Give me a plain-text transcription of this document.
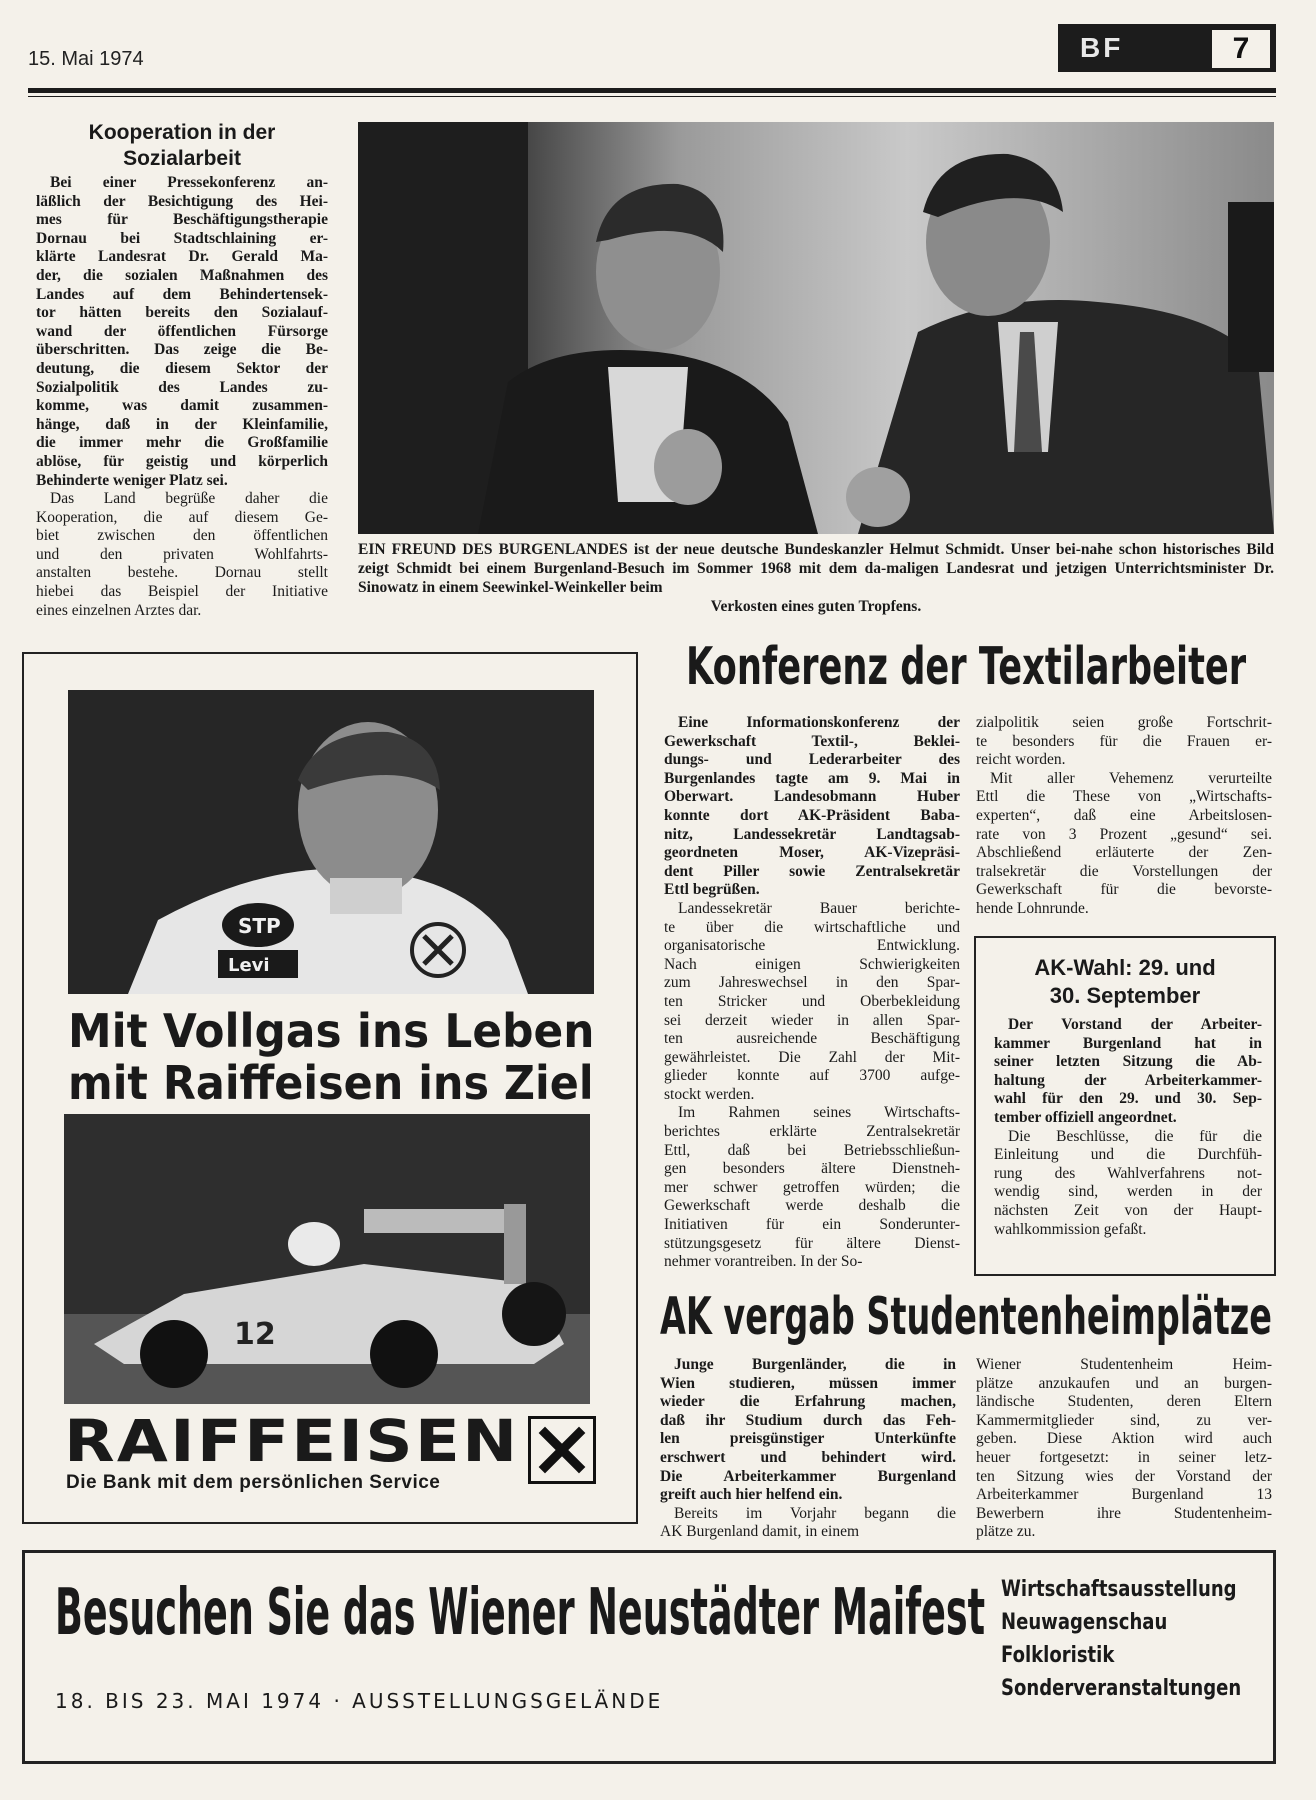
15. Mai 1974	BF	7
Kooperation in der
Sozialarbeit
Bei einer Pressekonferenz an-
läßlich der Besichtigung des Hei-
mes für Beschäftigungstherapie
Dornau bei Stadtschlaining er-
klärte Landesrat Dr. Gerald Ma-
der, die sozialen Maßnahmen des
Landes auf dem Behindertensek-
tor hätten bereits den Sozialauf-
wand der öffentlichen Fürsorge
überschritten. Das zeige die Be-
deutung, die diesem Sektor der
Sozialpolitik des Landes zu-
komme, was damit zusammen-
hänge, daß in der Kleinfamilie,
die immer mehr die Großfamilie
ablöse, für geistig und körperlich
Behinderte weniger Platz sei.
Das Land begrüße daher die
Kooperation, die auf diesem Ge-
biet zwischen den öffentlichen
und den privaten Wohlfahrts-
anstalten bestehe. Dornau stellt
hiebei das Beispiel der Initiative
eines einzelnen Arztes dar.
EIN FREUND DES BURGENLANDES ist der neue deutsche Bundeskanzler Helmut Schmidt. Unser bei-nahe schon historisches Bild zeigt Schmidt bei einem Burgenland-Besuch im Sommer 1968 mit dem da-maligen Landesrat und jetzigen Unterrichtsminister Dr. Sinowatz in einem Seewinkel-Weinkeller beim
Verkosten eines guten Tropfens.
STP
Levi
Mit Vollgas ins Leben
mit Raiffeisen ins Ziel
12
RAIFFEISEN
Die Bank mit dem persönlichen Service
Konferenz der Textilarbeiter
Eine Informationskonferenz der
Gewerkschaft Textil-, Beklei-
dungs- und Lederarbeiter des
Burgenlandes tagte am 9. Mai in
Oberwart. Landesobmann Huber
konnte dort AK-Präsident Baba-
nitz, Landessekretär Landtagsab-
geordneten Moser, AK-Vizepräsi-
dent Piller sowie Zentralsekretär
Ettl begrüßen.
Landessekretär Bauer berichte-
te über die wirtschaftliche und
organisatorische Entwicklung.
Nach einigen Schwierigkeiten
zum Jahreswechsel in den Spar-
ten Stricker und Oberbekleidung
sei derzeit wieder in allen Spar-
ten ausreichende Beschäftigung
gewährleistet. Die Zahl der Mit-
glieder konnte auf 3700 aufge-
stockt werden.
Im Rahmen seines Wirtschafts-
berichtes erklärte Zentralsekretär
Ettl, daß bei Betriebsschließun-
gen besonders ältere Dienstneh-
mer schwer getroffen würden; die
Gewerkschaft werde deshalb die
Initiativen für ein Sonderunter-
stützungsgesetz für ältere Dienst-
nehmer vorantreiben. In der So-
zialpolitik seien große Fortschrit-
te besonders für die Frauen er-
reicht worden.
Mit aller Vehemenz verurteilte
Ettl die These von „Wirtschafts-
experten“, daß eine Arbeitslosen-
rate von 3 Prozent „gesund“ sei.
Abschließend erläuterte der Zen-
tralsekretär die Vorstellungen der
Gewerkschaft für die bevorste-
hende Lohnrunde.
AK-Wahl: 29. und
30. September
Der Vorstand der Arbeiter-
kammer Burgenland hat in
seiner letzten Sitzung die Ab-
haltung der Arbeiterkammer-
wahl für den 29. und 30. Sep-
tember offiziell angeordnet.
Die Beschlüsse, die für die
Einleitung und die Durchfüh-
rung des Wahlverfahrens not-
wendig sind, werden in der
nächsten Zeit von der Haupt-
wahlkommission gefaßt.
AK vergab Studentenheimplätze
Junge Burgenländer, die in
Wien studieren, müssen immer
wieder die Erfahrung machen,
daß ihr Studium durch das Feh-
len preisgünstiger Unterkünfte
erschwert und behindert wird.
Die Arbeiterkammer Burgenland
greift auch hier helfend ein.
Bereits im Vorjahr begann die
AK Burgenland damit, in einem
Wiener Studentenheim Heim-
plätze anzukaufen und an burgen-
ländische Studenten, deren Eltern
Kammermitglieder sind, zu ver-
geben. Diese Aktion wird auch
heuer fortgesetzt: in seiner letz-
ten Sitzung wies der Vorstand der
Arbeiterkammer Burgenland 13
Bewerbern ihre Studentenheim-
plätze zu.
Besuchen Sie das Wiener Neustädter Maifest
18. BIS 23. MAI 1974 · AUSSTELLUNGSGELÄNDE
Wirtschaftsausstellung
Neuwagenschau
Folkloristik
Sonderveranstaltungen
